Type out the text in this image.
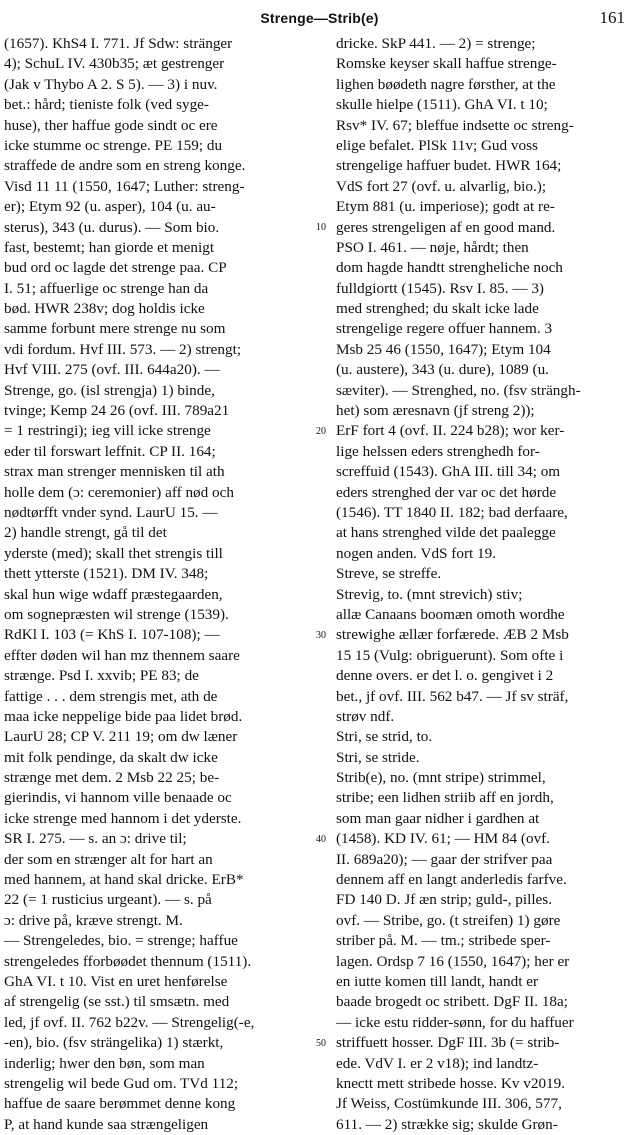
Strenge—Strib(e)	161
(1657). KhS4 I. 771. Jf Sdw: stränger
4); SchuL IV. 430b35; æt gestrenger
(Jak v Thybo A 2. S 5). — 3) i nuv.
bet.: hård; tieniste folk (ved syge-
huse), ther haffue gode sindt oc ere
icke stumme oc strenge. PE 159; du
straffede de andre som en streng konge.
Visd 11 11 (1550, 1647; Luther: streng-
er); Etym 92 (u. asper), 104 (u. au-
sterus), 343 (u. durus). — Som bio.
fast, bestemt; han giorde et menigt
bud ord oc lagde det strenge paa. CP
I. 51; affuerlige oc strenge han da
bød. HWR 238v; dog holdis icke
samme forbunt mere strenge nu som
vdi fordum. Hvf III. 573. — 2) strengt;
Hvf VIII. 275 (ovf. III. 644a20). —
Strenge, go. (isl strengja) 1) binde,
tvinge; Kemp 24 26 (ovf. III. 789a21
= 1 restringi); ieg vill icke strenge
eder til forswart leffnit. CP II. 164;
strax man strenger mennisken til ath
holle dem (ɔ: ceremonier) aff nød och
nødtørfft vnder synd. LaurU 15. —
2) handle strengt, gå til det
yderste (med); skall thet strengis till
thett ytterste (1521). DM IV. 348;
skal hun wige wdaff præstegaarden,
om sognepræsten wil strenge (1539).
RdKl I. 103 (= KhS I. 107-108); —
effter døden wil han mz thennem saare
strænge. Psd I. xxvib; PE 83; de
fattige . . . dem strengis met, ath de
maa icke neppelige bide paa lidet brød.
LaurU 28; CP V. 211 19; om dw læner
mit folk pendinge, da skalt dw icke
strænge met dem. 2 Msb 22 25; be-
gierindis, vi hannom ville benaade oc
icke strenge med hannom i det yderste.
SR I. 275. — s. an ɔ: drive til;
der som en strænger alt for hart an
med hannem, at hand skal dricke. ErB*
22 (= 1 rusticius urgeant). — s. på
ɔ: drive på, kræve strengt. M.
— Strengeledes, bio. = strenge; haffue
strengeledes fforbøødet thennum (1511).
GhA VI. t 10. Vist en uret henførelse
af strengelig (se sst.) til smsætn. med
led, jf ovf. II. 762 b22v. — Strengelig(-e,
-en), bio. (fsv strängelika) 1) stærkt,
inderlig; hwer den bøn, som man
strengelig wil bede Gud om. TVd 112;
haffue de saare berømmet denne kong
P, at hand kunde saa strængeligen
10
20
30
40
50
dricke. SkP 441. — 2) = strenge;
Romske keyser skall haffue strenge-
lighen bøødeth nagre førsther, at the
skulle hielpe (1511). GhA VI. t 10;
Rsv* IV. 67; bleffue indsette oc streng-
elige befalet. PlSk 11v; Gud voss
strengelige haffuer budet. HWR 164;
VdS fort 27 (ovf. u. alvarlig, bio.);
Etym 881 (u. imperiose); godt at re-
geres strengeligen af en good mand.
PSO I. 461. — nøje, hårdt; then
dom hagde handtt strengheliche noch
fulldgiortt (1545). Rsv I. 85. — 3)
med strenghed; du skalt icke lade
strengelige regere offuer hannem. 3
Msb 25 46 (1550, 1647); Etym 104
(u. austere), 343 (u. dure), 1089 (u.
sæviter). — Strenghed, no. (fsv strängh-
het) som æresnavn (jf streng 2));
ErF fort 4 (ovf. II. 224 b28); wor ker-
lige helssen eders strenghedh for-
screffuid (1543). GhA III. till 34; om
eders strenghed der var oc det hørde
(1546). TT 1840 II. 182; bad derfaare,
at hans strenghed vilde det paalegge
nogen anden. VdS fort 19.
Streve, se streffe.
Strevig, to. (mnt strevich) stiv;
allæ Canaans boomæn omoth wordhe
strewighe ællær forfærede. ÆB 2 Msb
15 15 (Vulg: obriguerunt). Som ofte i
denne overs. er det l. o. gengivet i 2
bet., jf ovf. III. 562 b47. — Jf sv sträf,
strøv ndf.
Stri, se strid, to.
Stri, se stride.
Strib(e), no. (mnt stripe) strimmel,
stribe; een lidhen striib aff en jordh,
som man gaar nidher i gardhen at
(1458). KD IV. 61; — HM 84 (ovf.
II. 689a20); — gaar der strifver paa
dennem aff en langt anderledis farfve.
FD 140 D. Jf æn strip; guld-, pilles.
ovf. — Stribe, go. (t streifen) 1) gøre
striber på. M. — tm.; stribede sper-
lagen. Ordsp 7 16 (1550, 1647); her er
en iutte komen till landt, handt er
baade brogedt oc stribett. DgF II. 18a;
— icke estu ridder-sønn, for du haffuer
striffuett hosser. DgF III. 3b (= strib-
ede. VdV I. er 2 v18); ind landtz-
knectt mett stribede hosse. Kv v2019.
Jf Weiss, Costümkunde III. 306, 577,
611. — 2) strække sig; skulde Grøn-
